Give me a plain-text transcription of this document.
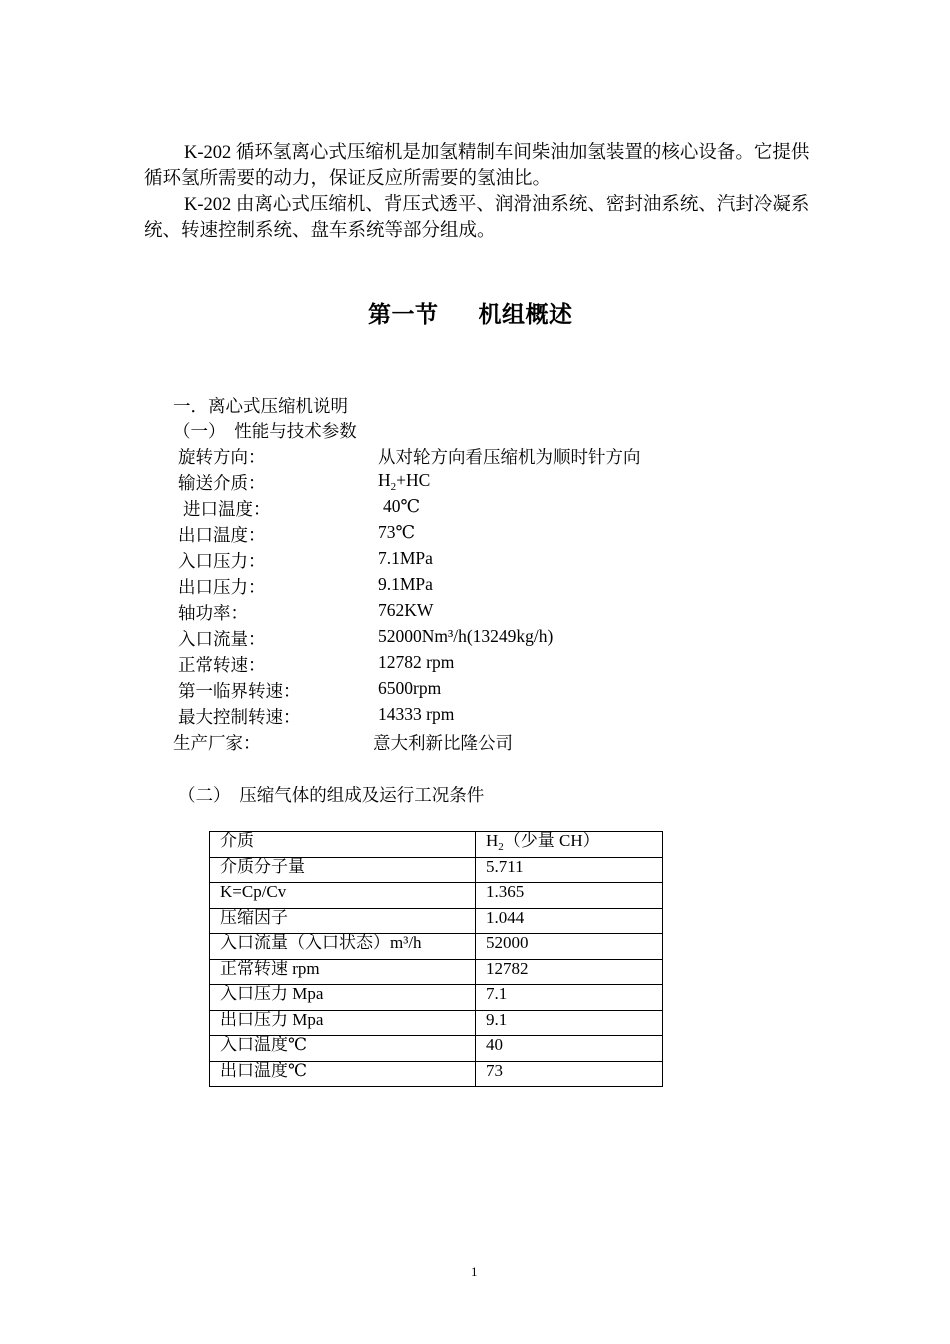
K-202 循环氢离心式压缩机是加氢精制车间柴油加氢装置的核心设备。它提供循环氢所需要的动力，保证反应所需要的氢油比。

K-202 由离心式压缩机、背压式透平、润滑油系统、密封油系统、汽封冷凝系统、转速控制系统、盘车系统等部分组成。

第一节 机组概述
一．离心式压缩机说明
（一）　性能与技术参数
旋转方向：	从对轮方向看压缩机为顺时针方向
输送介质：	$H_2+HC$
进口温度：	40℃
出口温度：	73℃
入口压力：	7.1MPa
出口压力：	9.1MPa
轴功率：	762KW
入口流量：	52000Nm³/h(13249kg/h)
正常转速：	12782 rpm
第一临界转速：	6500rpm
最大控制转速：	14333 rpm
生产厂家：	意大利新比隆公司
（二）　压缩气体的组成及运行工况条件
介质	$H_2$（少量 CH）
介质分子量	5.711
K=Cp/Cv	1.365
压缩因子	1.044
入口流量（入口状态）m³/h	52000
正常转速 rpm	12782
入口压力 Mpa	7.1
出口压力 Mpa	9.1
入口温度℃	40
出口温度℃	73
1
